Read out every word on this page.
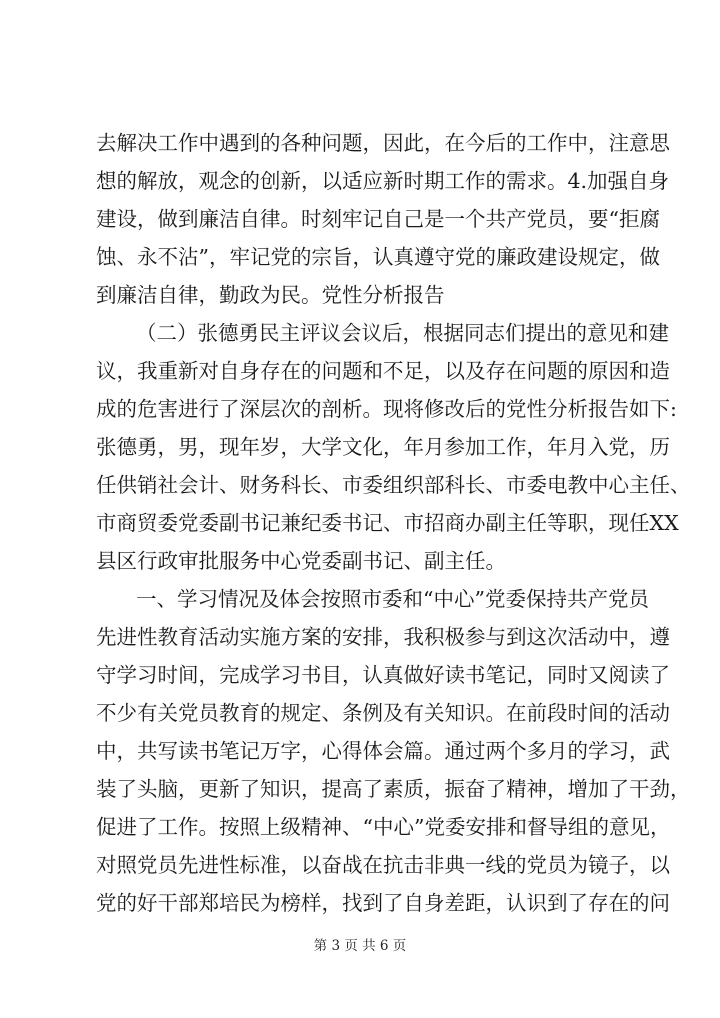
去解决工作中遇到的各种问题，因此，在今后的工作中，注意思
想的解放，观念的创新，以适应新时期工作的需求。4.加强自身
建设，做到廉洁自律。时刻牢记自己是一个共产党员，要“拒腐
蚀、永不沾”，牢记党的宗旨，认真遵守党的廉政建设规定，做
到廉洁自律，勤政为民。党性分析报告
（二）张德勇民主评议会议后，根据同志们提出的意见和建
议，我重新对自身存在的问题和不足，以及存在问题的原因和造
成的危害进行了深层次的剖析。现将修改后的党性分析报告如下:
张德勇，男，现年岁，大学文化，年月参加工作，年月入党，历
任供销社会计、财务科长、市委组织部科长、市委电教中心主任、
市商贸委党委副书记兼纪委书记、市招商办副主任等职，现任XX
县区行政审批服务中心党委副书记、副主任。
一、学习情况及体会按照市委和“中心”党委保持共产党员
先进性教育活动实施方案的安排，我积极参与到这次活动中，遵
守学习时间，完成学习书目，认真做好读书笔记，同时又阅读了
不少有关党员教育的规定、条例及有关知识。在前段时间的活动
中，共写读书笔记万字，心得体会篇。通过两个多月的学习，武
装了头脑，更新了知识，提高了素质，振奋了精神，增加了干劲，
促进了工作。按照上级精神、“中心”党委安排和督导组的意见，
对照党员先进性标准，以奋战在抗击非典一线的党员为镜子，以
党的好干部郑培民为榜样，找到了自身差距，认识到了存在的问
第 3 页 共 6 页
